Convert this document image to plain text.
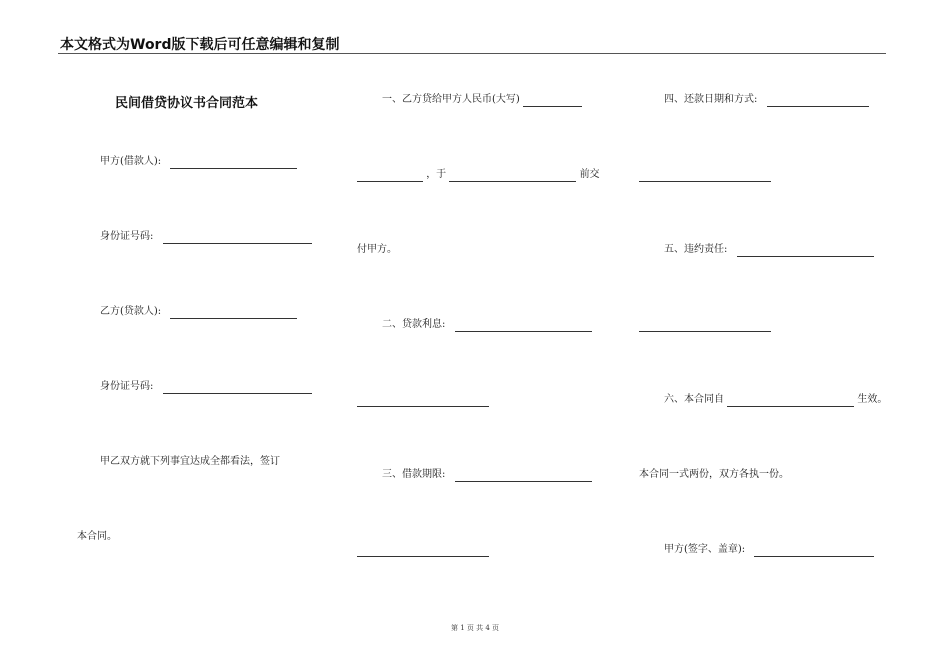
本文格式为Word版下载后可任意编辑和复制
民间借贷协议书合同范本
甲方(借款人):
身份证号码:
乙方(贷款人):
身份证号码:
甲乙双方就下列事宜达成全都看法，签订
本合同。
一、乙方贷给甲方人民币(大写)
，于	前交
付甲方。
二、贷款利息:
三、借款期限:
四、还款日期和方式:
五、违约责任:
六、本合同自	生效。
本合同一式两份，双方各执一份。
甲方(签字、盖章):
第 1 页 共 4 页
